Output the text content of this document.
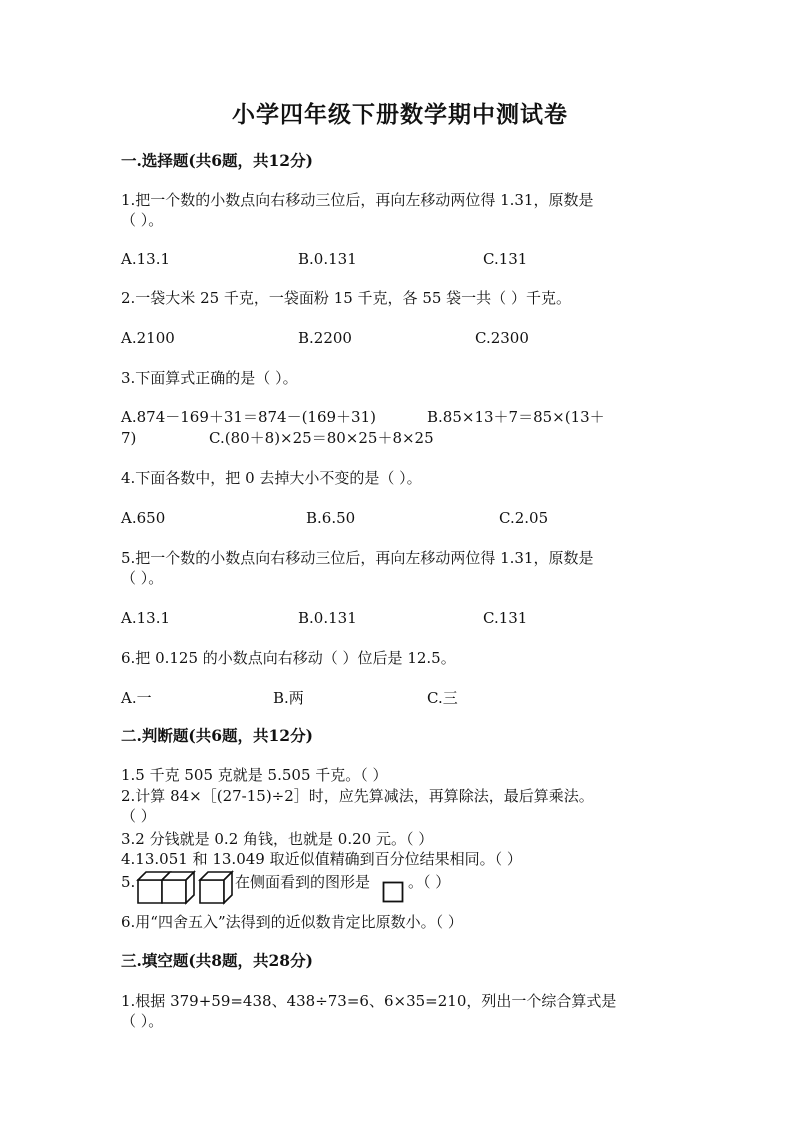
小学四年级下册数学期中测试卷
一.选择题(共6题，共12分)
1.把一个数的小数点向右移动三位后，再向左移动两位得 1.31，原数是
（ ）。
A.13.1	B.0.131	C.131
2.一袋大米 25 千克，一袋面粉 15 千克，各 55 袋一共（ ）千克。
A.2100	B.2200	C.2300
3.下面算式正确的是（ ）。
A.874－169＋31＝874－(169＋31)	B.85×13＋7＝85×(13＋
7)	C.(80＋8)×25＝80×25＋8×25
4.下面各数中，把 0 去掉大小不变的是（ ）。
A.650	B.6.50	C.2.05
5.把一个数的小数点向右移动三位后，再向左移动两位得 1.31，原数是
（ ）。
A.13.1	B.0.131	C.131
6.把 0.125 的小数点向右移动（ ）位后是 12.5。
A.一	B.两	C.三
二.判断题(共6题，共12分)
1.5 千克 505 克就是 5.505 千克。（ ）
2.计算 84×［(27-15)÷2］时，应先算减法，再算除法，最后算乘法。
（ ）
3.2 分钱就是 0.2 角钱，也就是 0.20 元。（ ）
4.13.051 和 13.049 取近似值精确到百分位结果相同。（ ）
5.	在侧面看到的图形是	。（ ）
6.用“四舍五入”法得到的近似数肯定比原数小。（ ）
三.填空题(共8题，共28分)
1.根据 379+59=438、438÷73=6、6×35=210，列出一个综合算式是
（ ）。
